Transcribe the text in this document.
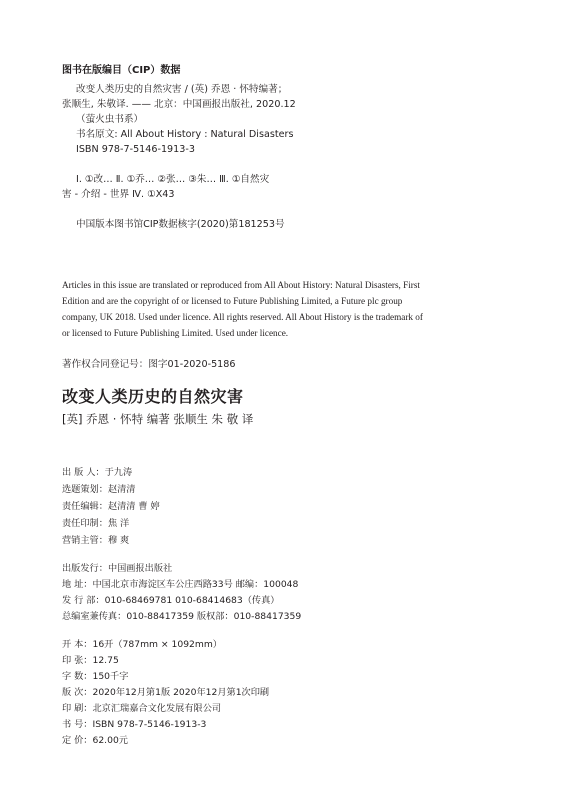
图书在版编目（CIP）数据
改变人类历史的自然灾害 / (英) 乔恩 · 怀特编著；
张顺生, 朱敬译. —— 北京：中国画报出版社, 2020.12
（萤火虫书系）
书名原文: All About History : Natural Disasters
ISBN 978-7-5146-1913-3
Ⅰ. ①改… Ⅱ. ①乔… ②张… ③朱… Ⅲ. ①自然灾
害 - 介绍 - 世界 Ⅳ. ①X43
中国版本图书馆CIP数据核字(2020)第181253号
Articles in this issue are translated or reproduced from All About History: Natural Disasters, First
Edition and are the copyright of or licensed to Future Publishing Limited, a Future plc group
company, UK 2018. Used under licence. All rights reserved. All About History is the trademark of
or licensed to Future Publishing Limited. Used under licence.
著作权合同登记号：图字01-2020-5186
改变人类历史的自然灾害
[英] 乔恩 · 怀特 编著 张顺生 朱 敬 译
出 版 人：于九涛
选题策划：赵清清
责任编辑：赵清清 曹 婷
责任印制：焦 洋
营销主管：穆 爽
出版发行：中国画报出版社
地 址：中国北京市海淀区车公庄西路33号 邮编：100048
发 行 部：010-68469781 010-68414683（传真）
总编室兼传真：010-88417359 版权部：010-88417359
开 本：16开（787mm × 1092mm）
印 张：12.75
字 数：150千字
版 次：2020年12月第1版 2020年12月第1次印刷
印 刷：北京汇瑞嘉合文化发展有限公司
书 号：ISBN 978-7-5146-1913-3
定 价：62.00元
